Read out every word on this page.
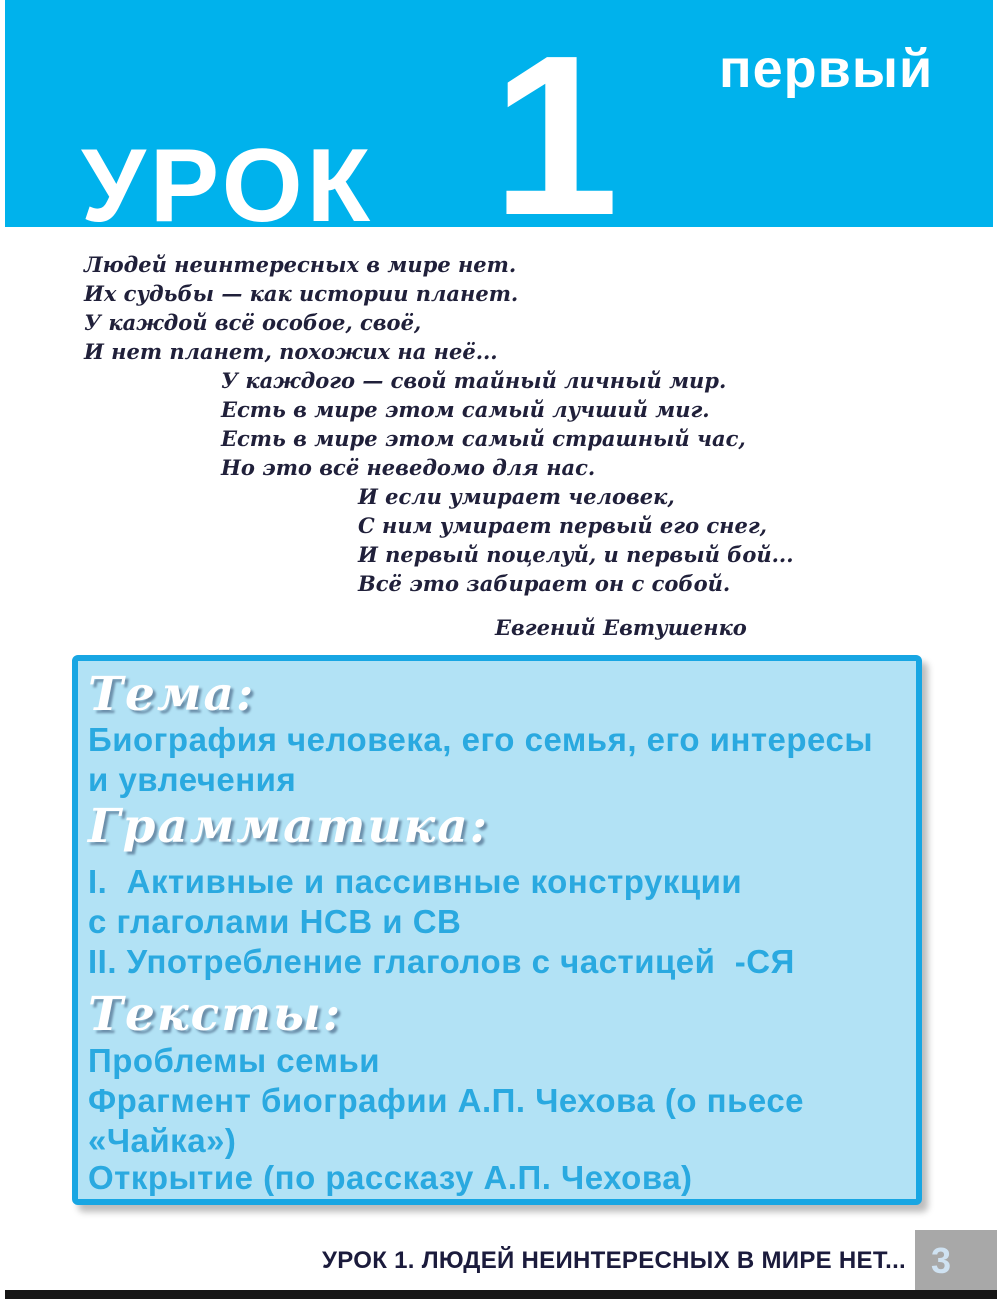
УРОК 1	первый
Людей неинтересных в мире нет.
Их судьбы — как истории планет.
У каждой всё особое, своё,
И нет планет, похожих на неё...
У каждого — свой тайный личный мир.
Есть в мире этом самый лучший миг.
Есть в мире этом самый страшный час,
Но это всё неведомо для нас.
И если умирает человек,
С ним умирает первый его снег,
И первый поцелуй, и первый бой...
Всё это забирает он с собой.
Евгений Евтушенко
Тема:
Биография человека, его семья, его интересы
и увлечения
Грамматика:
I.  Активные и пассивные конструкции
с глаголами НСВ и СВ
II. Употребление глаголов с частицей  -СЯ
Тексты:
Проблемы семьи
Фрагмент биографии А.П. Чехова (о пьесе
«Чайка»)
Открытие (по рассказу А.П. Чехова)
УРОК 1. ЛЮДЕЙ НЕИНТЕРЕСНЫХ В МИРЕ НЕТ... 3
